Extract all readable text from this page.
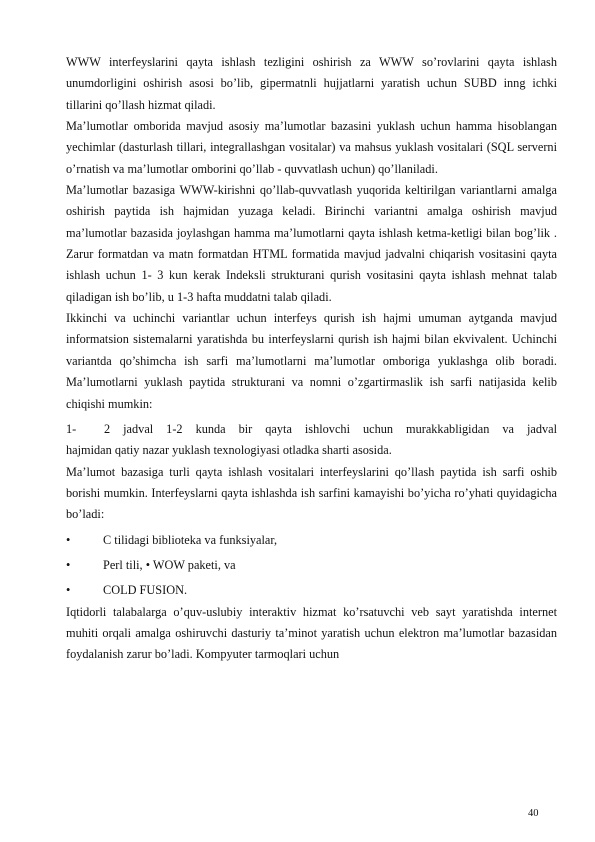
WWW interfeyslarini qayta ishlash tezligini oshirish za WWW so’rovlarini qayta ishlash unumdorligini oshirish asosi bo’lib, gipermatnli hujjatlarni yaratish uchun SUBD inng ichki tillarini qo’llash hizmat qiladi.

Ma’lumotlar omborida mavjud asosiy ma’lumotlar bazasini yuklash uchun hamma hisoblangan yechimlar (dasturlash tillari, integrallashgan vositalar) va mahsus yuklash vositalari (SQL serverni o’rnatish va ma’lumotlar omborini qo’llab - quvvatlash uchun) qo’llaniladi.

Ma’lumotlar bazasiga WWW-kirishni qo’llab-quvvatlash yuqorida keltirilgan variantlarni amalga oshirish paytida ish hajmidan yuzaga keladi. Birinchi variantni amalga oshirish mavjud ma’lumotlar bazasida joylashgan hamma ma’lumotlarni qayta ishlash ketma-ketligi bilan bog’lik . Zarur formatdan va matn formatdan HTML formatida mavjud jadvalni chiqarish vositasini qayta ishlash uchun 1- 3 kun kerak Indeksli strukturani qurish vositasini qayta ishlash mehnat talab qiladigan ish bo’lib, u 1-3 hafta muddatni talab qiladi.

Ikkinchi va uchinchi variantlar uchun interfeys qurish ish hajmi umuman aytganda mavjud informatsion sistemalarni yaratishda bu interfeyslarni qurish ish hajmi bilan ekvivalent. Uchinchi variantda qo’shimcha ish sarfi ma’lumotlarni ma’lumotlar omboriga yuklashga olib boradi. Ma’lumotlarni yuklash paytida strukturani va nomni o’zgartirmaslik ish sarfi natijasida kelib chiqishi mumkin:

1-	2 jadval 1-2 kunda bir qayta ishlovchi uchun murakkabligidan va jadval

hajmidan qatiy nazar yuklash texnologiyasi otladka sharti asosida.

Ma’lumot bazasiga turli qayta ishlash vositalari interfeyslarini qo’llash paytida ish sarfi oshib borishi mumkin. Interfeyslarni qayta ishlashda ish sarfini kamayishi bo’yicha ro’yhati quyidagicha bo’ladi:

•	C tilidagi biblioteka va funksiyalar,
•	Perl tili, • WOW paketi, va
•	COLD FUSION.

Iqtidorli talabalarga o’quv-uslubiy interaktiv hizmat ko’rsatuvchi veb sayt yaratishda internet muhiti orqali amalga oshiruvchi dasturiy ta’minot yaratish uchun elektron ma’lumotlar bazasidan foydalanish zarur bo’ladi. Kompyuter tarmoqlari uchun

40
